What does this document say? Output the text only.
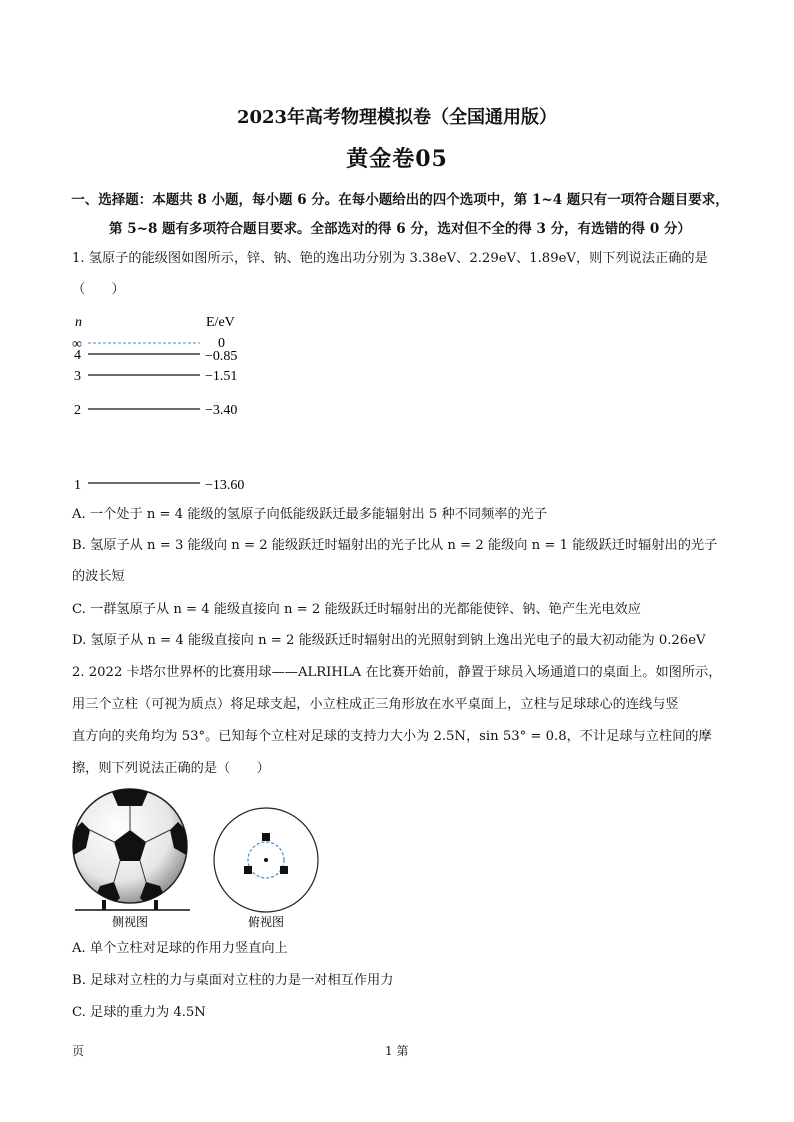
2023年高考物理模拟卷（全国通用版）
黄金卷05
一、选择题：本题共 8 小题，每小题 6 分。在每小题给出的四个选项中，第 1~4 题只有一项符合题目要求，
第 5~8 题有多项符合题目要求。全部选对的得 6 分，选对但不全的得 3 分，有选错的得 0 分）
1. 氢原子的能级图如图所示，锌、钠、铯的逸出功分别为 3.38eV、2.29eV、1.89eV，则下列说法正确的是
（　　）
n	E/eV
∞	0
4	−0.85
3	−1.51
2	−3.40
1	−13.60
A. 一个处于 n = 4 能级的氢原子向低能级跃迁最多能辐射出 5 种不同频率的光子
B. 氢原子从 n = 3 能级向 n = 2 能级跃迁时辐射出的光子比从 n = 2 能级向 n = 1 能级跃迁时辐射出的光子
的波长短
C. 一群氢原子从 n = 4 能级直接向 n = 2 能级跃迁时辐射出的光都能使锌、钠、铯产生光电效应
D. 氢原子从 n = 4 能级直接向 n = 2 能级跃迁时辐射出的光照射到钠上逸出光电子的最大初动能为 0.26eV
2. 2022 卡塔尔世界杯的比赛用球——ALRIHLA 在比赛开始前，静置于球员入场通道口的桌面上。如图所示，
用三个立柱（可视为质点）将足球支起，小立柱成正三角形放在水平桌面上，立柱与足球球心的连线与竖
直方向的夹角均为 53°。已知每个立柱对足球的支持力大小为 2.5N，sin 53° = 0.8，不计足球与立柱间的摩
擦，则下列说法正确的是（　　）
侧视图	俯视图
A. 单个立柱对足球的作用力竖直向上
B. 足球对立柱的力与桌面对立柱的力是一对相互作用力
C. 足球的重力为 4.5N
页	1 第
